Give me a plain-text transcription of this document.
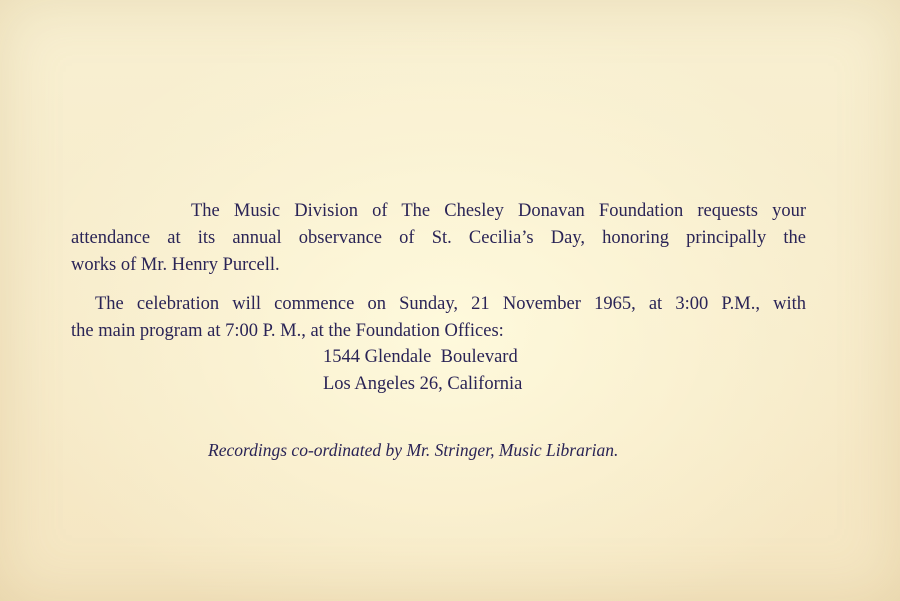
The Music Division of The Chesley Donavan Foundation requests your

attendance at its annual observance of St. Cecilia’s Day, honoring principally the

works of Mr. Henry Purcell.

The celebration will commence on Sunday, 21 November 1965, at 3:00 P.M., with

the main program at 7:00 P. M., at the Foundation Offices:

1544 Glendale  Boulevard

Los Angeles 26, California

Recordings co-ordinated by Mr. Stringer, Music Librarian.
